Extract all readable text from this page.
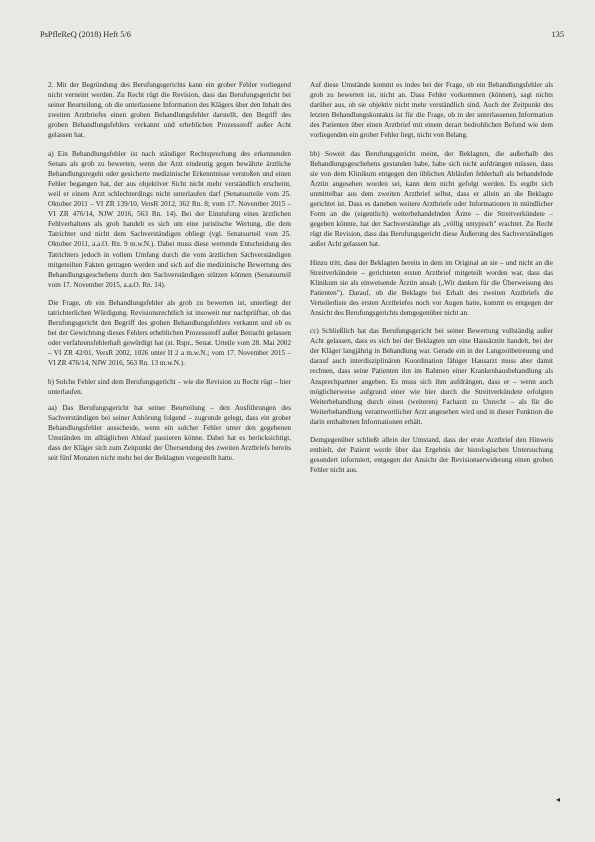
PsPfleReQ (2018) Heft 5/6	135

2. Mit der Begründung des Berufungsgerichts kann ein grober Fehler vorliegend nicht verneint werden. Zu Recht rügt die Revision, dass das Berufungsgericht bei seiner Beurteilung, ob die unterlassene Information des Klägers über den Inhalt des zweiten Arztbriefes einen groben Behandlungsfehler darstellt, den Begriff des groben Behandlungsfehlers verkannt und erheblichen Prozessstoff außer Acht gelassen hat.

a) Ein Behandlungsfehler ist nach ständiger Rechtsprechung des erkennenden Senats als grob zu bewerten, wenn der Arzt eindeutig gegen bewährte ärztliche Behandlungsregeln oder gesicherte medizinische Erkenntnisse verstoßen und einen Fehler begangen hat, der aus objektiver Sicht nicht mehr verständlich erscheint, weil er einem Arzt schlechterdings nicht unterlaufen darf (Senatsurteile vom 25. Oktober 2011 – VI ZR 139/10, VersR 2012, 362 Rn. 8; vom 17. November 2015 – VI ZR 476/14, NJW 2016, 563 Rn. 14). Bei der Einstufung eines ärztlichen Fehlverhaltens als grob handelt es sich um eine juristische Wertung, die dem Tatrichter und nicht dem Sachverständigen obliegt (vgl. Senatsurteil vom 25. Oktober 2011, a.a.O. Rn. 9 m.w.N.). Dabei muss diese wertende Entscheidung des Tatrichters jedoch in vollem Umfang durch die vom ärztlichen Sachverständigen mitgeteilten Fakten getragen werden und sich auf die medizinische Bewertung des Behandlungsgeschehens durch den Sachverständigen stützen können (Senatsurteil vom 17. November 2015, a.a.O. Rn. 14).

Die Frage, ob ein Behandlungsfehler als grob zu bewerten ist, unterliegt der tatrichterlichen Würdigung. Revisionsrechtlich ist insoweit nur nachprüfbar, ob das Berufungsgericht den Begriff des groben Behandlungsfehlers verkannt und ob es bei der Gewichtung dieses Fehlers erheblichen Prozessstoff außer Betracht gelassen oder verfahrensfehlerhaft gewürdigt hat (st. Rspr., Senat. Urteile vom 28. Mai 2002 – VI ZR 42/01, VersR 2002, 1026 unter II 2 a m.w.N.; vom 17. November 2015 – VI ZR 476/14, NJW 2016, 563 Rn. 13 m.w.N.).

b) Solche Fehler sind dem Berufungsgericht – wie die Revision zu Recht rügt – hier unterlaufen.

aa) Das Berufungsgericht hat seiner Beurteilung – den Ausführungen des Sachverständigen bei seiner Anhörung folgend – zugrunde gelegt, dass ein grober Behandlungsfehler ausscheide, wenn ein solcher Fehler unter den gegebenen Umständen im alltäglichen Ablauf passieren könne. Dabei hat es berücksichtigt, dass der Kläger sich zum Zeitpunkt der Übersendung des zweiten Arztbriefs bereits seit fünf Monaten nicht mehr bei der Beklagten vorgestellt hatte.

Auf diese Umstände kommt es indes bei der Frage, ob ein Behandlungsfehler als grob zu bewerten ist, nicht an. Dass Fehler vorkommen (können), sagt nichts darüber aus, ob sie objektiv nicht mehr verständlich sind. Auch der Zeitpunkt des letzten Behandlungskontakts ist für die Frage, ob in der unterlassenen Information des Patienten über einen Arztbrief mit einem derart bedrohlichen Befund wie dem vorliegenden ein grober Fehler liegt, nicht von Belang.

bb) Soweit das Berufungsgericht meint, der Beklagten, die außerhalb des Behandlungsgeschehens gestanden habe, habe sich nicht aufdrängen müssen, dass sie von dem Klinikum entgegen den üblichen Abläufen fehlerhaft als behandelnde Ärztin angesehen worden sei, kann dem nicht gefolgt werden. Es ergibt sich unmittelbar aus dem zweiten Arztbrief selbst, dass er allein an die Beklagte gerichtet ist. Dass es daneben weitere Arztbriefe oder Informationen in mündlicher Form an die (eigentlich) weiterbehandelnden Ärzte – die Streitverkündete – gegeben könnte, hat der Sachverständige als „völlig untypisch" erachtet. Zu Recht rügt die Revision, dass das Berufungsgericht diese Äußerung des Sachverständigen außer Acht gelassen hat.

Hinzu tritt, dass der Beklagten bereits in dem im Original an sie – und nicht an die Streitverkündete – gerichteten ersten Arztbrief mitgeteilt worden war, dass das Klinikum sie als einweisende Ärztin ansah („Wir danken für die Überweisung des Patienten"). Darauf, ob die Beklagte bei Erhalt des zweiten Arztbriefs die Verteilerliste des ersten Arztbriefes noch vor Augen hatte, kommt es entgegen der Ansicht des Berufungsgerichts demgegenüber nicht an.

cc) Schließlich hat das Berufungsgericht bei seiner Bewertung vollständig außer Acht gelassen, dass es sich bei der Beklagten um eine Hausärztin handelt, bei der der Kläger langjährig in Behandlung war. Gerade ein in der Langzeitbetreuung und darauf auch interdisziplinären Koordination fähiger Hausarzt muss aber damit rechnen, dass seine Patienten ihn im Rahmen einer Krankenhausbehandlung als Ansprechpartner angeben. Es muss sich ihm aufdrängen, dass er – wenn auch möglicherweise aufgrund einer wie hier durch die Streitverkündete erfolgten Weiterbehandlung durch einen (weiteren) Facharzt zu Unrecht – als für die Weiterbehandlung verantwortlicher Arzt angesehen wird und in dieser Funktion die darin enthaltenen Informationen erhält.

Demgegenüber schließt allein der Umstand, dass der erste Arztbrief den Hinweis enthielt, der Patient werde über das Ergebnis der histologischen Untersuchung gesondert informiert, entgegen der Ansicht der Revisionserwiderung einen groben Fehler nicht aus.

◂
